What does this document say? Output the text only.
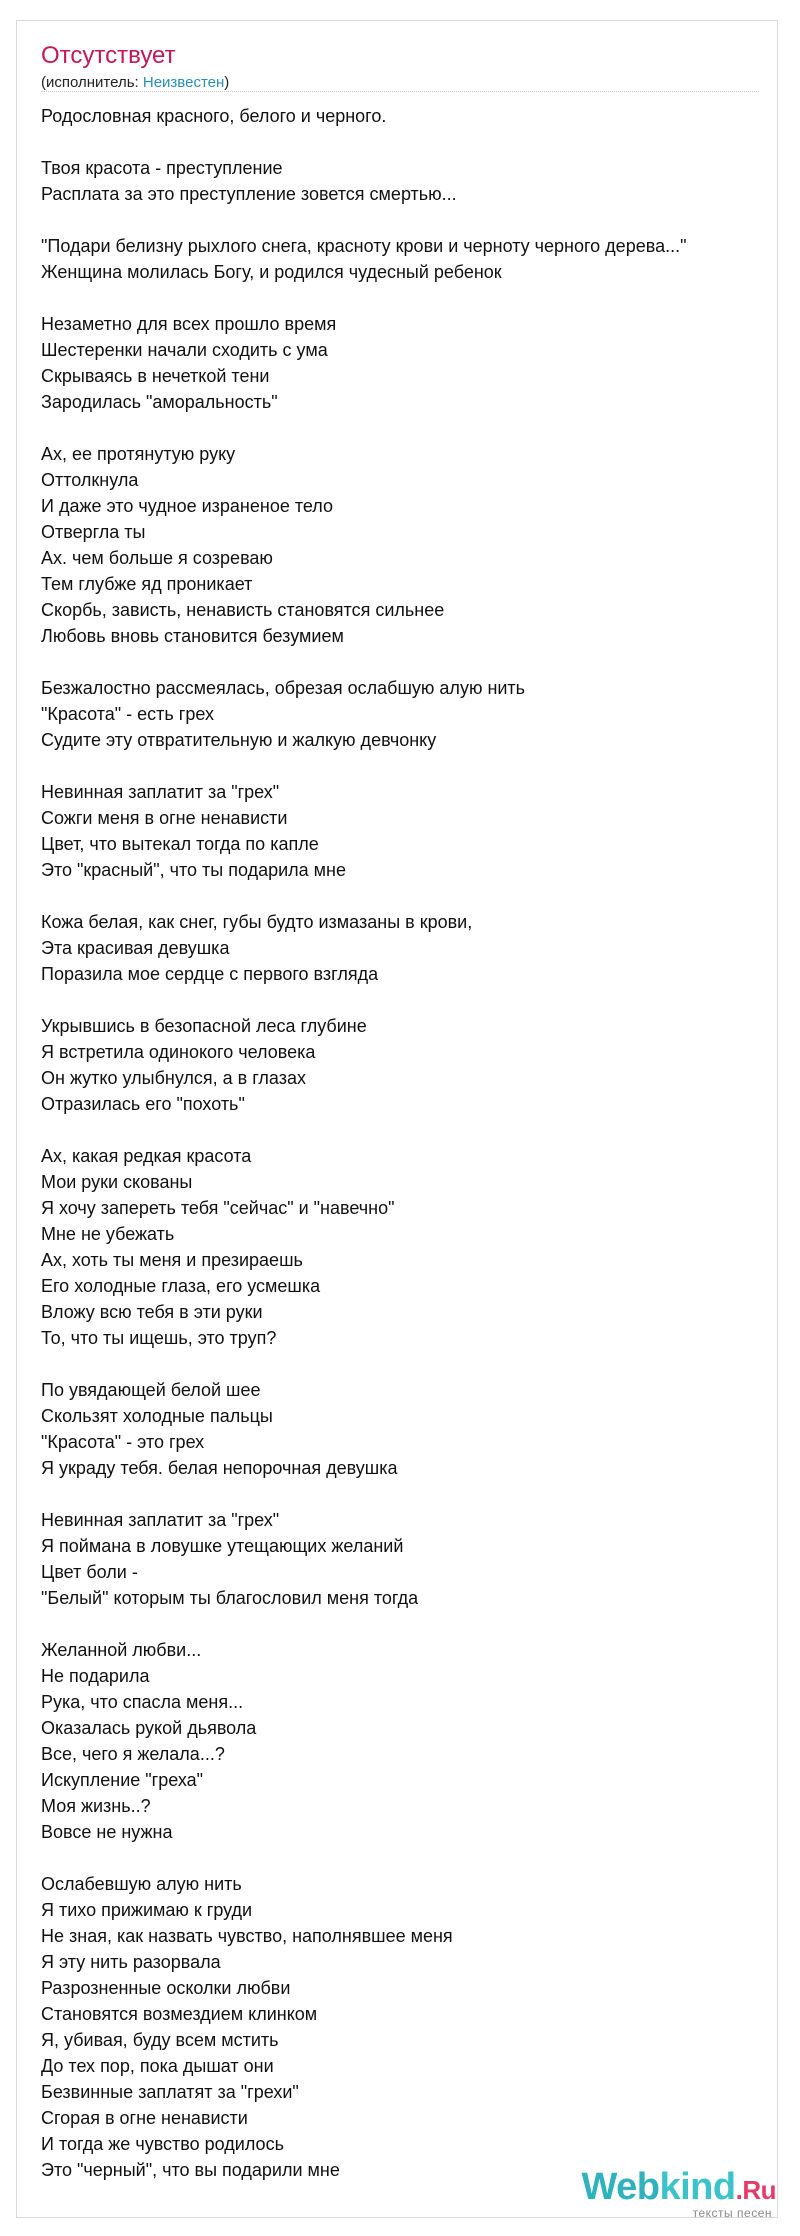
Отсутствует
(исполнитель: Неизвестен)
Родословная красного, белого и черного.

Твоя красота - преступление
Расплата за это преступление зовется смертью...

"Подари белизну рыхлого снега, красноту крови и черноту черного дерева..."
Женщина молилась Богу, и родился чудесный ребенок

Незаметно для всех прошло время
Шестеренки начали сходить с ума
Скрываясь в нечеткой тени
Зародилась "аморальность"

Ах, ее протянутую руку
Оттолкнула
И даже это чудное израненое тело
Отвергла ты
Ах. чем больше я созреваю
Тем глубже яд проникает
Скорбь, зависть, ненависть становятся сильнее
Любовь вновь становится безумием

Безжалостно рассмеялась, обрезая ослабшую алую нить
"Красота" - есть грех
Судите эту отвратительную и жалкую девчонку

Невинная заплатит за "грех"
Сожги меня в огне ненависти
Цвет, что вытекал тогда по капле
Это "красный", что ты подарила мне

Кожа белая, как снег, губы будто измазаны в крови,
Эта красивая девушка
Поразила мое сердце с первого взгляда

Укрывшись в безопасной леса глубине
Я встретила одинокого человека
Он жутко улыбнулся, а в глазах
Отразилась его "похоть"

Ах, какая редкая красота
Мои руки скованы
Я хочу запереть тебя "сейчас" и "навечно"
Мне не убежать
Ах, хоть ты меня и презираешь
Его холодные глаза, его усмешка
Вложу всю тебя в эти руки
То, что ты ищешь, это труп?

По увядающей белой шее
Скользят холодные пальцы
"Красота" - это грех
Я украду тебя. белая непорочная девушка

Невинная заплатит за "грех"
Я поймана в ловушке утещающих желаний
Цвет боли -
"Белый" которым ты благословил меня тогда

Желанной любви...
Не подарила
Рука, что спасла меня...
Оказалась рукой дьявола
Все, чего я желала...?
Искупление "греха"
Моя жизнь..?
Вовсе не нужна

Ослабевшую алую нить
Я тихо прижимаю к груди
Не зная, как назвать чувство, наполнявшее меня
Я эту нить разорвала
Разрозненные осколки любви
Становятся возмездием клинком
Я, убивая, буду всем мстить
До тех пор, пока дышат они
Безвинные заплатят за "грехи"
Сгорая в огне ненависти
И тогда же чувство родилось
Это "черный", что вы подарили мне	Webkind.Ru
тексты песен
